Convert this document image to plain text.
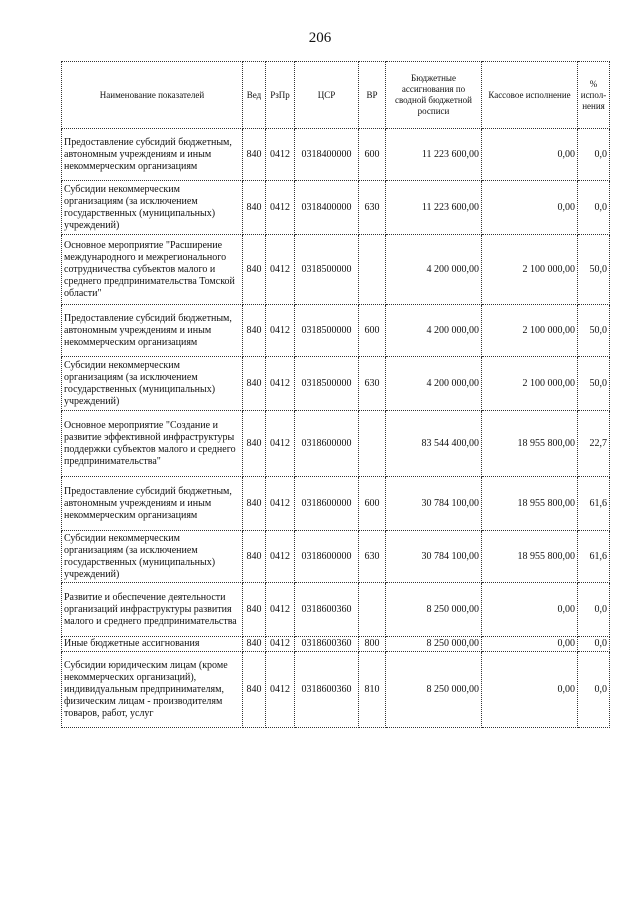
206
Наименование показателей	Вед	РзПр	ЦСР	ВР	Бюджетные ассигнования по сводной бюджетной росписи	Кассовое исполнение	% испол-нения
Предоставление субсидий бюджетным, автономным учреждениям и иным некоммерческим организациям	840	0412	0318400000	600	11 223 600,00	0,00	0,0
Субсидии некоммерческим организациям (за исключением государственных (муниципальных) учреждений)	840	0412	0318400000	630	11 223 600,00	0,00	0,0
Основное мероприятие "Расширение международного и межрегионального сотрудничества субъектов малого и среднего предпринимательства Томской области"	840	0412	0318500000		4 200 000,00	2 100 000,00	50,0
Предоставление субсидий бюджетным, автономным учреждениям и иным некоммерческим организациям	840	0412	0318500000	600	4 200 000,00	2 100 000,00	50,0
Субсидии некоммерческим организациям (за исключением государственных (муниципальных) учреждений)	840	0412	0318500000	630	4 200 000,00	2 100 000,00	50,0
Основное мероприятие "Создание и развитие эффективной инфраструктуры поддержки субъектов малого и среднего предпринимательства"	840	0412	0318600000		83 544 400,00	18 955 800,00	22,7
Предоставление субсидий бюджетным, автономным учреждениям и иным некоммерческим организациям	840	0412	0318600000	600	30 784 100,00	18 955 800,00	61,6
Субсидии некоммерческим организациям (за исключением государственных (муниципальных) учреждений)	840	0412	0318600000	630	30 784 100,00	18 955 800,00	61,6
Развитие и обеспечение деятельности организаций инфраструктуры развития малого и среднего предпринимательства	840	0412	0318600360		8 250 000,00	0,00	0,0
Иные бюджетные ассигнования	840	0412	0318600360	800	8 250 000,00	0,00	0,0
Субсидии юридическим лицам (кроме некоммерческих организаций), индивидуальным предпринимателям, физическим лицам - производителям товаров, работ, услуг	840	0412	0318600360	810	8 250 000,00	0,00	0,0
